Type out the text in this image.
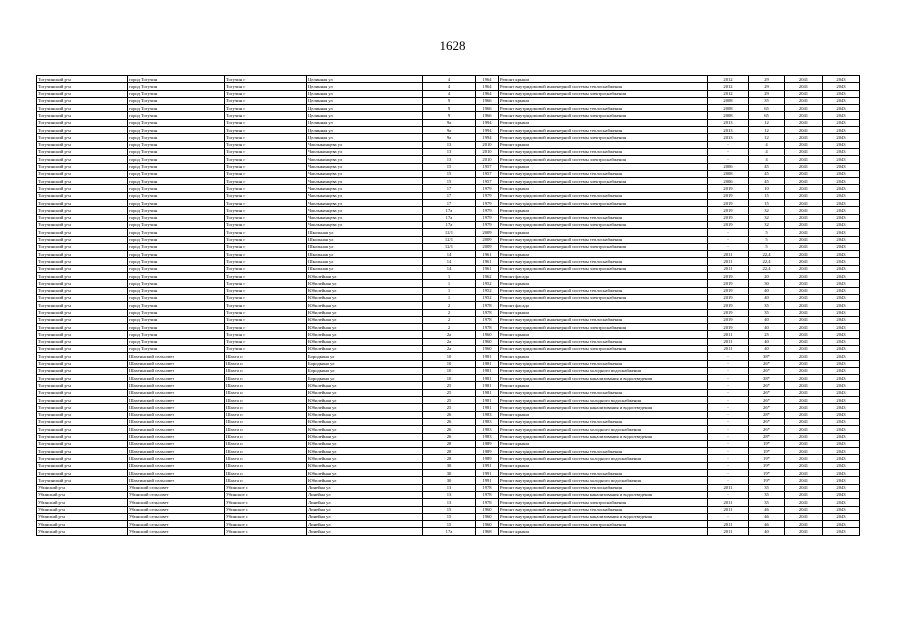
1628
Тогучинский р-н	город Тогучин	Тогучин г	Целинная ул	4	1964	Ремонт крыши	2012	29	2041	2043
Тогучинский р-н	город Тогучин	Тогучин г	Целинная ул	4	1964	Ремонт внутридомовой инженерной системы теплоснабжения	2012	29	2041	2043
Тогучинский р-н	город Тогучин	Тогучин г	Целинная ул	4	1964	Ремонт внутридомовой инженерной системы электроснабжения	2012	29	2041	2043
Тогучинский р-н	город Тогучин	Тогучин г	Целинная ул	9	1966	Ремонт крыши	2008	35	2041	2043
Тогучинский р-н	город Тогучин	Тогучин г	Целинная ул	9	1966	Ремонт внутридомовой инженерной системы теплоснабжения	2008	65	2041	2043
Тогучинский р-н	город Тогучин	Тогучин г	Целинная ул	9	1966	Ремонт внутридомовой инженерной системы электроснабжения	2008	65	2041	2043
Тогучинский р-н	город Тогучин	Тогучин г	Целинная ул	9а	1994	Ремонт крыши	2013	12	2041	2043
Тогучинский р-н	город Тогучин	Тогучин г	Целинная ул	9а	1994	Ремонт внутридомовой инженерной системы теплоснабжения	2013	12	2041	2043
Тогучинский р-н	город Тогучин	Тогучин г	Целинная ул	9а	1994	Ремонт внутридомовой инженерной системы электроснабжения	2013	12	2041	2043
Тогучинский р-н	город Тогучин	Тогучин г	Чаплыкинцева ул	13	2010	Ремонт крыши	-	4	2041	2043
Тогучинский р-н	город Тогучин	Тогучин г	Чаплыкинцева ул	13	2010	Ремонт внутридомовой инженерной системы теплоснабжения	-	4	2041	2043
Тогучинский р-н	город Тогучин	Тогучин г	Чаплыкинцева ул	13	2010	Ремонт внутридомовой инженерной системы электроснабжения	-	4	2041	2043
Тогучинский р-н	город Тогучин	Тогучин г	Чаплыкинцева ул	15	1957	Ремонт крыши	2006	45	2041	2043
Тогучинский р-н	город Тогучин	Тогучин г	Чаплыкинцева ул	15	1957	Ремонт внутридомовой инженерной системы теплоснабжения	2008	45	2041	2043
Тогучинский р-н	город Тогучин	Тогучин г	Чаплыкинцева ул	15	1957	Ремонт внутридомовой инженерной системы электроснабжения	2006	45	2041	2043
Тогучинский р-н	город Тогучин	Тогучин г	Чаплыкинцева ул	17	1979	Ремонт крыши	2019	10	2041	2043
Тогучинский р-н	город Тогучин	Тогучин г	Чаплыкинцева ул	17	1979	Ремонт внутридомовой инженерной системы теплоснабжения	2019	15	2041	2043
Тогучинский р-н	город Тогучин	Тогучин г	Чаплыкинцева ул	17	1979	Ремонт внутридомовой инженерной системы электроснабжения	2019	15	2041	2043
Тогучинский р-н	город Тогучин	Тогучин г	Чаплыкинцева ул	17а	1979	Ремонт крыши	2019	32	2041	2043
Тогучинский р-н	город Тогучин	Тогучин г	Чаплыкинцева ул	17а	1979	Ремонт внутридомовой инженерной системы теплоснабжения	2019	32	2041	2043
Тогучинский р-н	город Тогучин	Тогучин г	Чаплыкинцева ул	17а	1979	Ремонт внутридомовой инженерной системы электроснабжения	2019	32	2041	2043
Тогучинский р-н	город Тогучин	Тогучин г	Школьная ул	12/1	2009	Ремонт крыши	-	5	2041	2043
Тогучинский р-н	город Тогучин	Тогучин г	Школьная ул	12/1	2009	Ремонт внутридомовой инженерной системы теплоснабжения	-	5	2041	2043
Тогучинский р-н	город Тогучин	Тогучин г	Школьная ул	12/1	2009	Ремонт внутридомовой инженерной системы электроснабжения	-	5	2041	2043
Тогучинский р-н	город Тогучин	Тогучин г	Школьная ул	14	1961	Ремонт крыши	2011	22,4	2041	2043
Тогучинский р-н	город Тогучин	Тогучин г	Школьная ул	14	1961	Ремонт внутридомовой инженерной системы теплоснабжения	2011	22,4	2041	2043
Тогучинский р-н	город Тогучин	Тогучин г	Школьная ул	14	1961	Ремонт внутридомовой инженерной системы электроснабжения	2011	22,4	2041	2043
Тогучинский р-н	город Тогучин	Тогучин г	Юбилейная ул	1	1962	Ремонт фасада	2019	20	2041	2043
Тогучинский р-н	город Тогучин	Тогучин г	Юбилейная ул	1	1952	Ремонт крыши	2019	30	2041	2043
Тогучинский р-н	город Тогучин	Тогучин г	Юбилейная ул	1	1952	Ремонт внутридомовой инженерной системы теплоснабжения	2019	40	2041	2043
Тогучинский р-н	город Тогучин	Тогучин г	Юбилейная ул	1	1952	Ремонт внутридомовой инженерной системы электроснабжения	2019	40	2041	2043
Тогучинский р-н	город Тогучин	Тогучин г	Юбилейная ул	2	1978	Ремонт фасада	2019	35	2041	2043
Тогучинский р-н	город Тогучин	Тогучин г	Юбилейная ул	2	1978	Ремонт крыши	2019	35	2041	2043
Тогучинский р-н	город Тогучин	Тогучин г	Юбилейная ул	2	1978	Ремонт внутридомовой инженерной системы теплоснабжения	2019	40	2041	2043
Тогучинский р-н	город Тогучин	Тогучин г	Юбилейная ул	2	1978	Ремонт внутридомовой инженерной системы электроснабжения	2019	40	2041	2043
Тогучинский р-н	город Тогучин	Тогучин г	Юбилейная ул	2а	1960	Ремонт крыши	2011	25	2041	2043
Тогучинский р-н	город Тогучин	Тогучин г	Юбилейная ул	2а	1960	Ремонт внутридомовой инженерной системы теплоснабжения	2011	40	2041	2043
Тогучинский р-н	город Тогучин	Тогучин г	Юбилейная ул	2а	1960	Ремонт внутридомовой инженерной системы электроснабжения	2011	40	2041	2043
Тогучинский р-н	Шахтинский сельсовет	Шахта п	Бородкина ул	10	1981	Ремонт крыши	-	38*	2041	2043
Тогучинский р-н	Шахтинский сельсовет	Шахта п	Бородкина ул	10	1981	Ремонт внутридомовой инженерной системы теплоснабжения	-	26*	2041	2043
Тогучинский р-н	Шахтинский сельсовет	Шахта п	Бородкина ул	10	1981	Ремонт внутридомовой инженерной системы холодного водоснабжения	-	26*	2041	2043
Тогучинский р-н	Шахтинский сельсовет	Шахта п	Бородкина ул	10	1981	Ремонт внутридомовой инженерной системы канализования и водоотведения	-	38*	2041	2043
Тогучинский р-н	Шахтинский сельсовет	Шахта п	Юбилейная ул	25	1981	Ремонт крыши	-	26*	2041	2043
Тогучинский р-н	Шахтинский сельсовет	Шахта п	Юбилейная ул	25	1981	Ремонт внутридомовой инженерной системы теплоснабжения	-	26*	2041	2043
Тогучинский р-н	Шахтинский сельсовет	Шахта п	Юбилейная ул	25	1981	Ремонт внутридомовой инженерной системы холодного водоснабжения	-	26*	2041	2043
Тогучинский р-н	Шахтинский сельсовет	Шахта п	Юбилейная ул	25	1981	Ремонт внутридомовой инженерной системы канализования и водоотведения	-	26*	2041	2043
Тогучинский р-н	Шахтинский сельсовет	Шахта п	Юбилейная ул	26	1983	Ремонт крыши	-	28*	2041	2043
Тогучинский р-н	Шахтинский сельсовет	Шахта п	Юбилейная ул	26	1983	Ремонт внутридомовой инженерной системы теплоснабжения	-	26*	2041	2043
Тогучинский р-н	Шахтинский сельсовет	Шахта п	Юбилейная ул	26	1983	Ремонт внутридомовой инженерной системы холодного водоснабжения	-	26*	2041	2043
Тогучинский р-н	Шахтинский сельсовет	Шахта п	Юбилейная ул	26	1983	Ремонт внутридомовой инженерной системы канализования и водоотведения	-	28*	2041	2043
Тогучинский р-н	Шахтинский сельсовет	Шахта п	Юбилейная ул	28	1989	Ремонт крыши	-	19*	2041	2043
Тогучинский р-н	Шахтинский сельсовет	Шахта п	Юбилейная ул	28	1989	Ремонт внутридомовой инженерной системы теплоснабжения	-	19*	2041	2043
Тогучинский р-н	Шахтинский сельсовет	Шахта п	Юбилейная ул	28	1989	Ремонт внутридомовой инженерной системы холодного водоснабжения	-	19*	2041	2043
Тогучинский р-н	Шахтинский сельсовет	Шахта п	Юбилейная ул	30	1991	Ремонт крыши	-	19*	2041	2043
Тогучинский р-н	Шахтинский сельсовет	Шахта п	Юбилейная ул	30	1991	Ремонт внутридомовой инженерной системы теплоснабжения	-	19*	2041	2043
Тогучинский р-н	Шахтинский сельсовет	Шахта п	Юбилейная ул	30	1991	Ремонт внутридомовой инженерной системы холодного водоснабжения	-	19*	2041	2043
Убинский р-н	Убинский сельсовет	Убинское с	Линейна ул	13	1978	Ремонт внутридомовой инженерной системы теплоснабжения	2011	35	2041	2043
Убинский р-н	Убинский сельсовет	Убинское с	Линейна ул	13	1978	Ремонт внутридомовой инженерной системы канализования и водоотведения	-	35	2041	2043
Убинский р-н	Убинский сельсовет	Убинское с	Линейна ул	13	1978	Ремонт внутридомовой инженерной системы электроснабжения	2011	35	2041	2043
Убинский р-н	Убинский сельсовет	Убинское с	Линейна ул	15	1960	Ремонт внутридомовой инженерной системы теплоснабжения	2011	46	2041	2043
Убинский р-н	Убинский сельсовет	Убинское с	Линейна ул	15	1960	Ремонт внутридомовой инженерной системы канализования и водоотведения	-	46	2041	2043
Убинский р-н	Убинский сельсовет	Убинское с	Линейна ул	15	1960	Ремонт внутридомовой инженерной системы электроснабжения	2011	46	2041	2043
Убинский р-н	Убинский сельсовет	Убинское с	Линейна ул	17а	1968	Ремонт крыши	2011	40	2041	2043
